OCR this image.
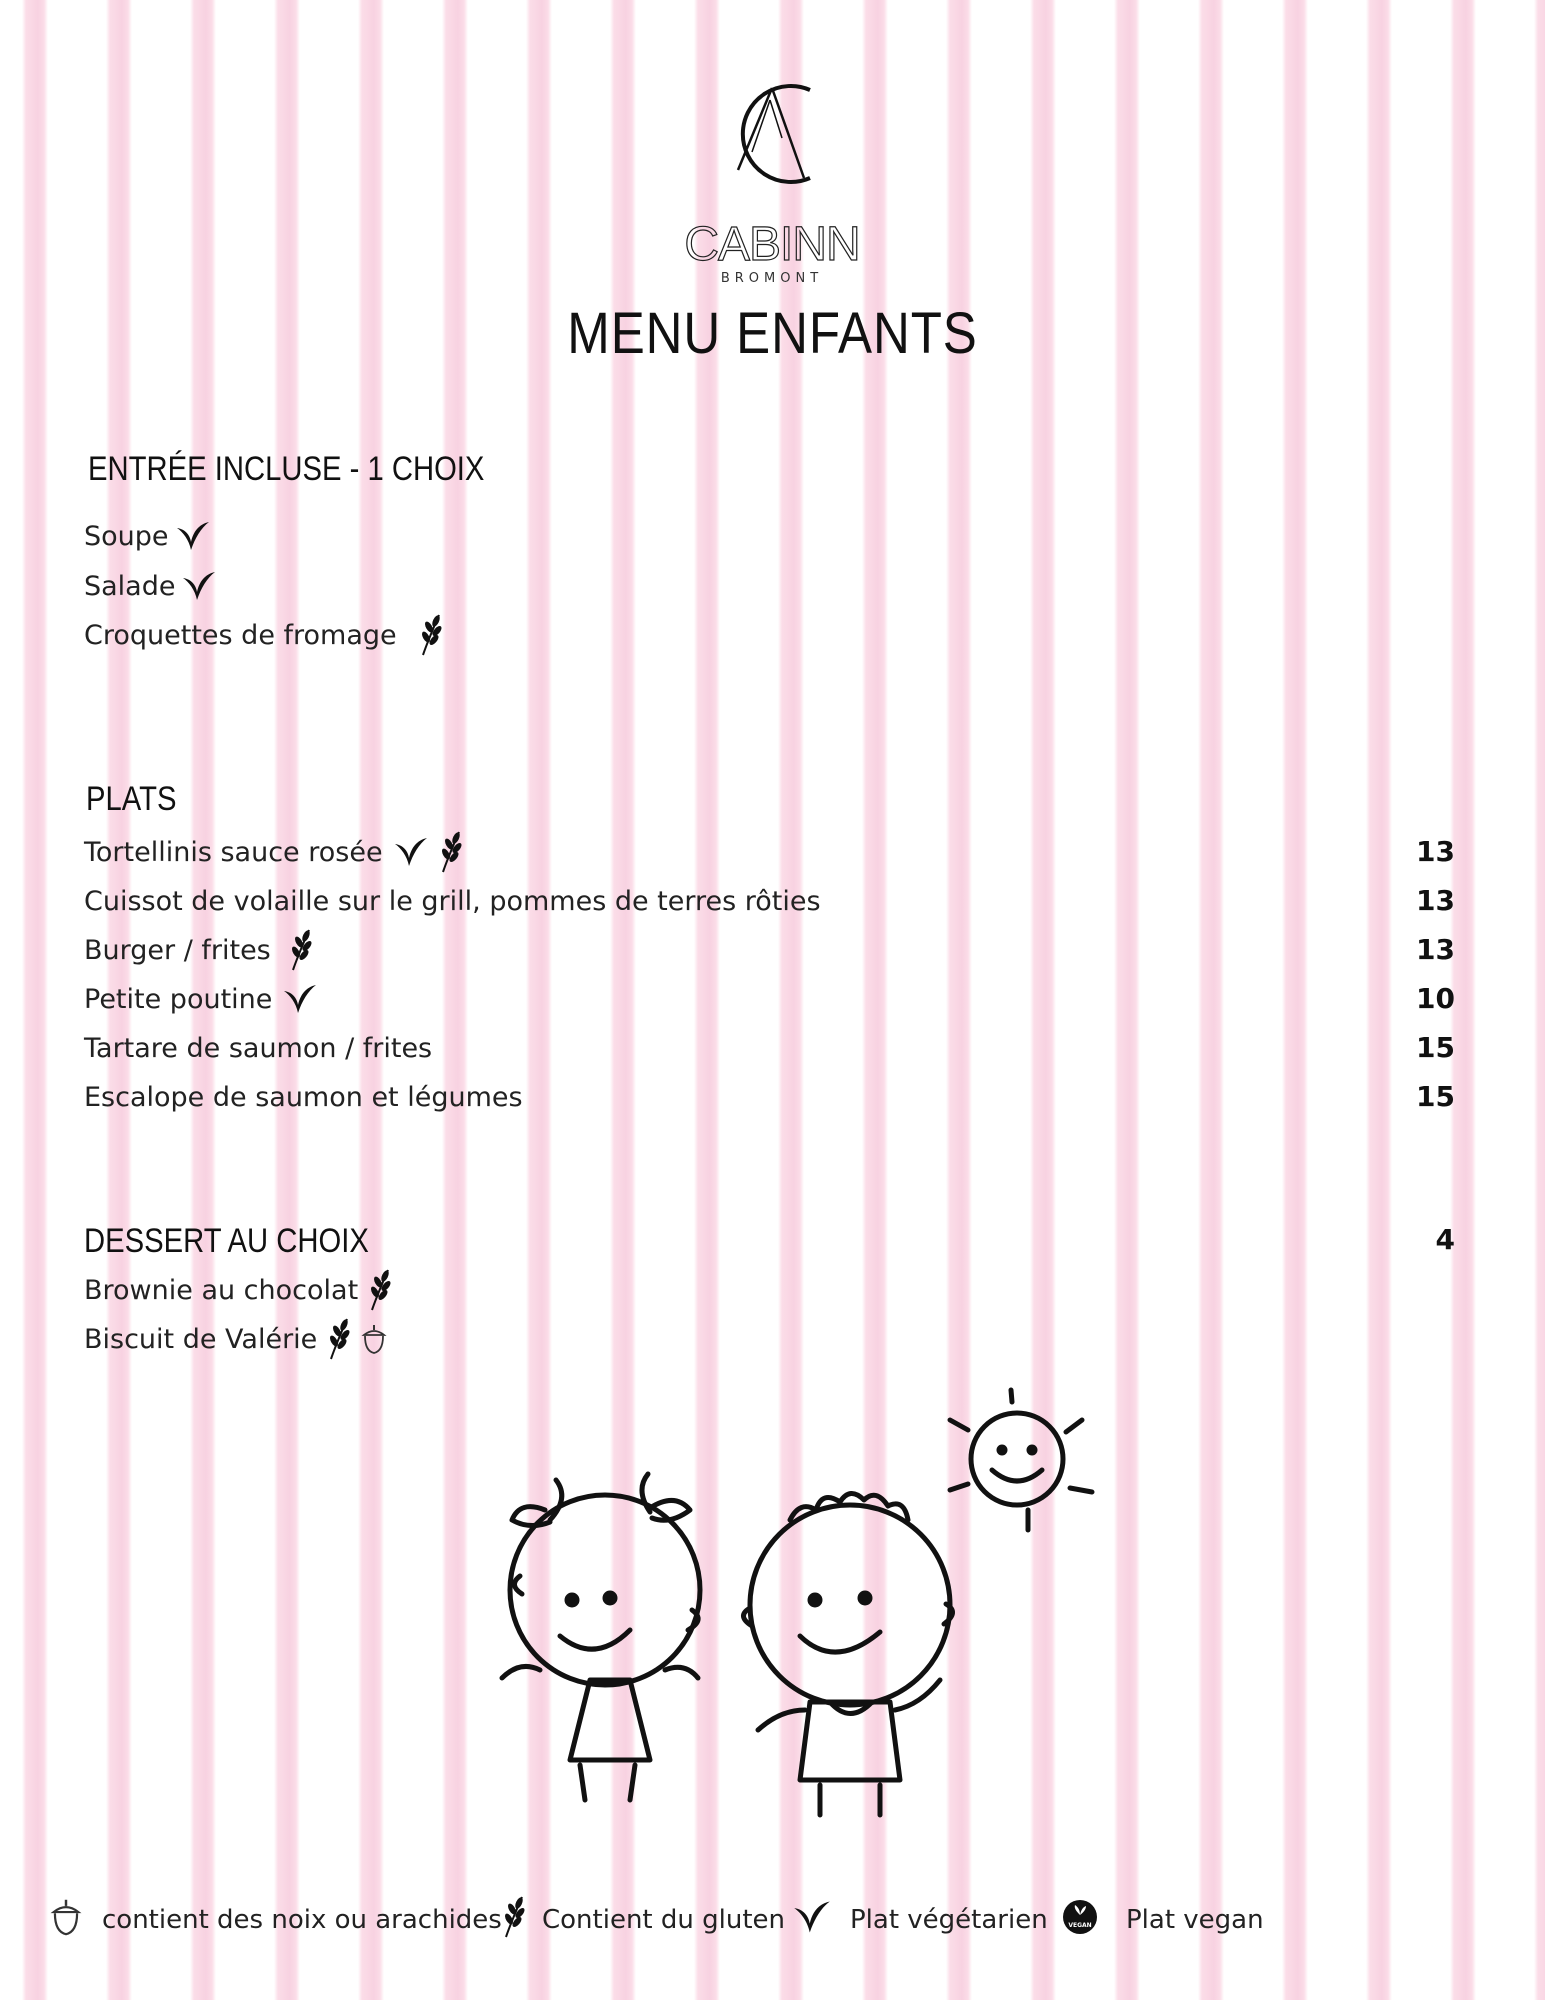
CABINN
BROMONT
MENU ENFANTS
ENTRÉE INCLUSE - 1 CHOIX
Soupe
Salade
Croquettes de fromage
PLATS
Tortellinis sauce rosée	13
Cuissot de volaille sur le grill, pommes de terres rôties	13
Burger / frites	13
Petite poutine	10
Tartare de saumon / frites	15
Escalope de saumon et légumes	15
DESSERT AU CHOIX	4
Brownie au chocolat
Biscuit de Valérie
contient des noix ou arachides Contient du gluten Plat végétarien	VEGAN Plat vegan
